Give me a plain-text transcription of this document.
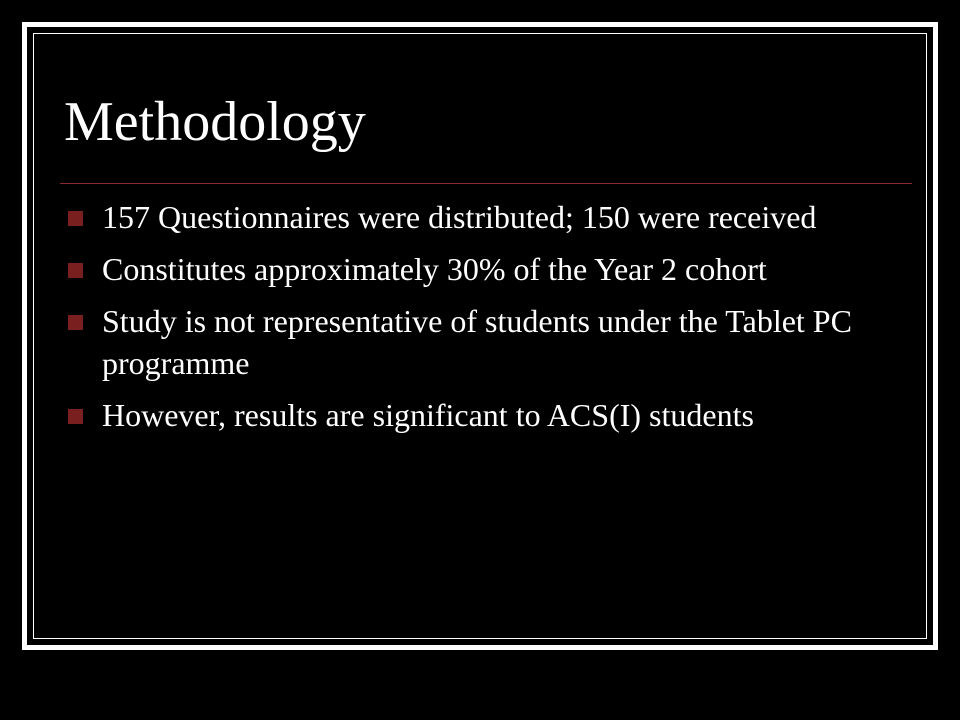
Methodology
157 Questionnaires were distributed; 150 were received
Constitutes approximately 30% of the Year 2 cohort
Study is not representative of students under the Tablet PC programme
However, results are significant to ACS(I) students
